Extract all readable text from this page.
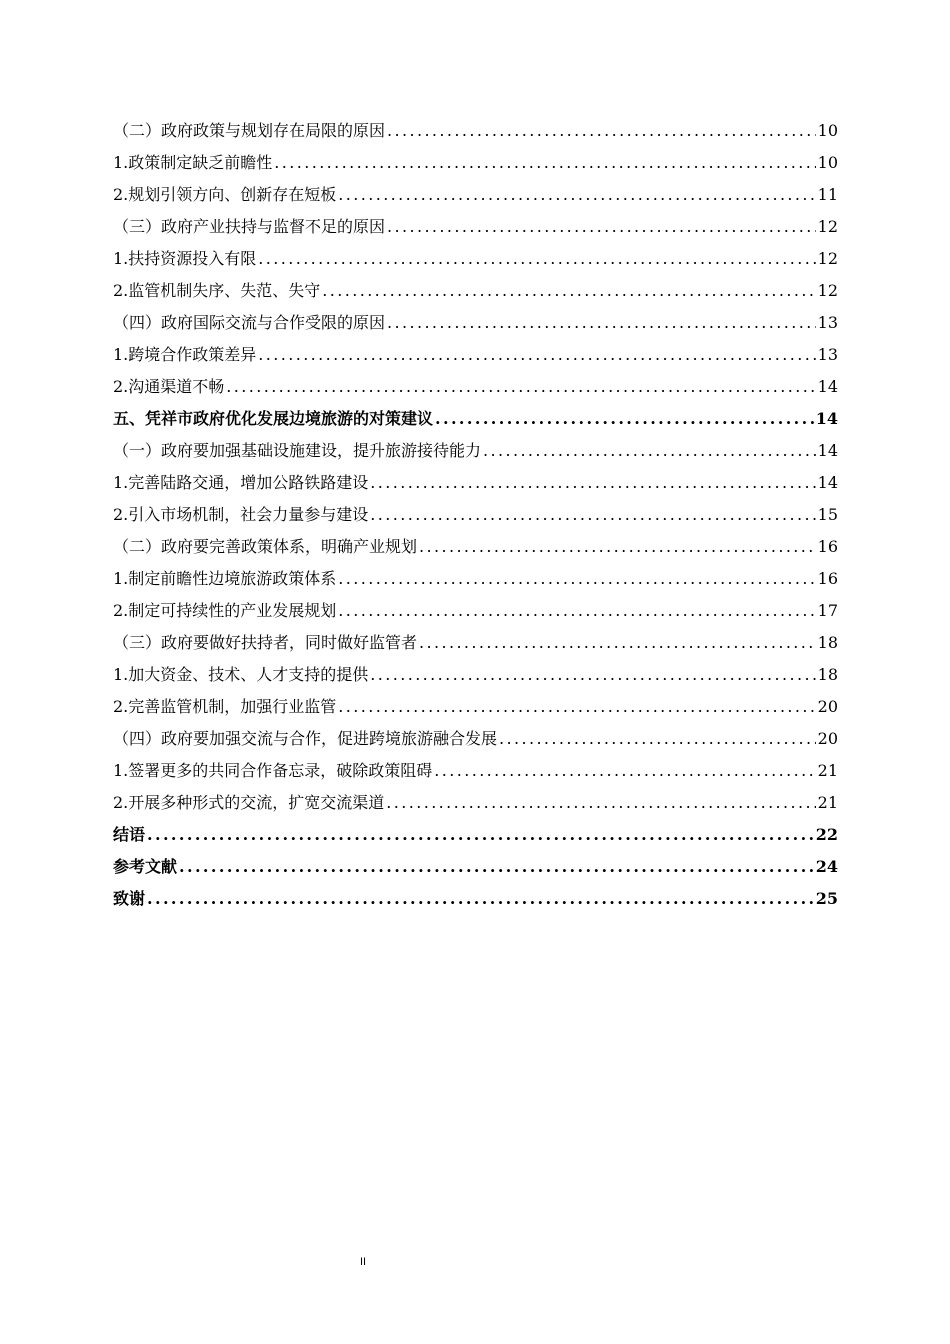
（二）政府政策与规划存在局限的原因 .....	10
1.政策制定缺乏前瞻性 .....	10
2.规划引领方向、创新存在短板 .....	11
（三）政府产业扶持与监督不足的原因 .....	12
1.扶持资源投入有限 .....	12
2.监管机制失序、失范、失守 .....	12
（四）政府国际交流与合作受限的原因 .....	13
1.跨境合作政策差异 .....	13
2.沟通渠道不畅 .....	14
五、凭祥市政府优化发展边境旅游的对策建议 .....	14
（一）政府要加强基础设施建设，提升旅游接待能力 .....	14
1.完善陆路交通，增加公路铁路建设 .....	14
2.引入市场机制，社会力量参与建设 .....	15
（二）政府要完善政策体系，明确产业规划 .....	16
1.制定前瞻性边境旅游政策体系 .....	16
2.制定可持续性的产业发展规划 .....	17
（三）政府要做好扶持者，同时做好监管者 .....	18
1.加大资金、技术、人才支持的提供 .....	18
2.完善监管机制，加强行业监管 .....	20
（四）政府要加强交流与合作，促进跨境旅游融合发展 .....	20
1.签署更多的共同合作备忘录，破除政策阻碍 .....	21
2.开展多种形式的交流，扩宽交流渠道 .....	21
结语 .....	22
参考文献 .....	24
致谢 .....	25
II
